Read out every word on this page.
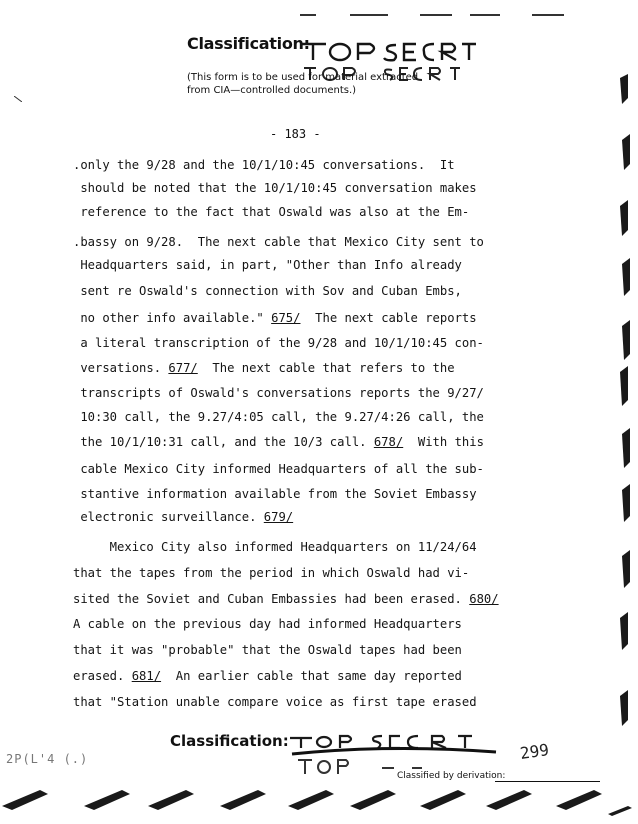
Classification:
(This form is to be used for material extracted
from CIA—controlled documents.)
- 183 -
.only the 9/28 and the 10/1/10:45 conversations.  It
should be noted that the 10/1/10:45 conversation makes
reference to the fact that Oswald was also at the Em-
.bassy on 9/28.  The next cable that Mexico City sent to
Headquarters said, in part, "Other than Info already
sent re Oswald's connection with Sov and Cuban Embs,
no other info available." 675/  The next cable reports
a literal transcription of the 9/28 and 10/1/10:45 con-
versations. 677/  The next cable that refers to the
transcripts of Oswald's conversations reports the 9/27/
10:30 call, the 9.27/4:05 call, the 9.27/4:26 call, the
the 10/1/10:31 call, and the 10/3 call. 678/  With this
cable Mexico City informed Headquarters of all the sub-
stantive information available from the Soviet Embassy
electronic surveillance. 679/
Mexico City also informed Headquarters on 11/24/64
that the tapes from the period in which Oswald had vi-
sited the Soviet and Cuban Embassies had been erased. 680/
A cable on the previous day had informed Headquarters
that it was "probable" that the Oswald tapes had been
erased. 681/  An earlier cable that same day reported
that "Station unable compare voice as first tape erased
Classification:
2P(L'4 (.)	299
Classified by derivation:
